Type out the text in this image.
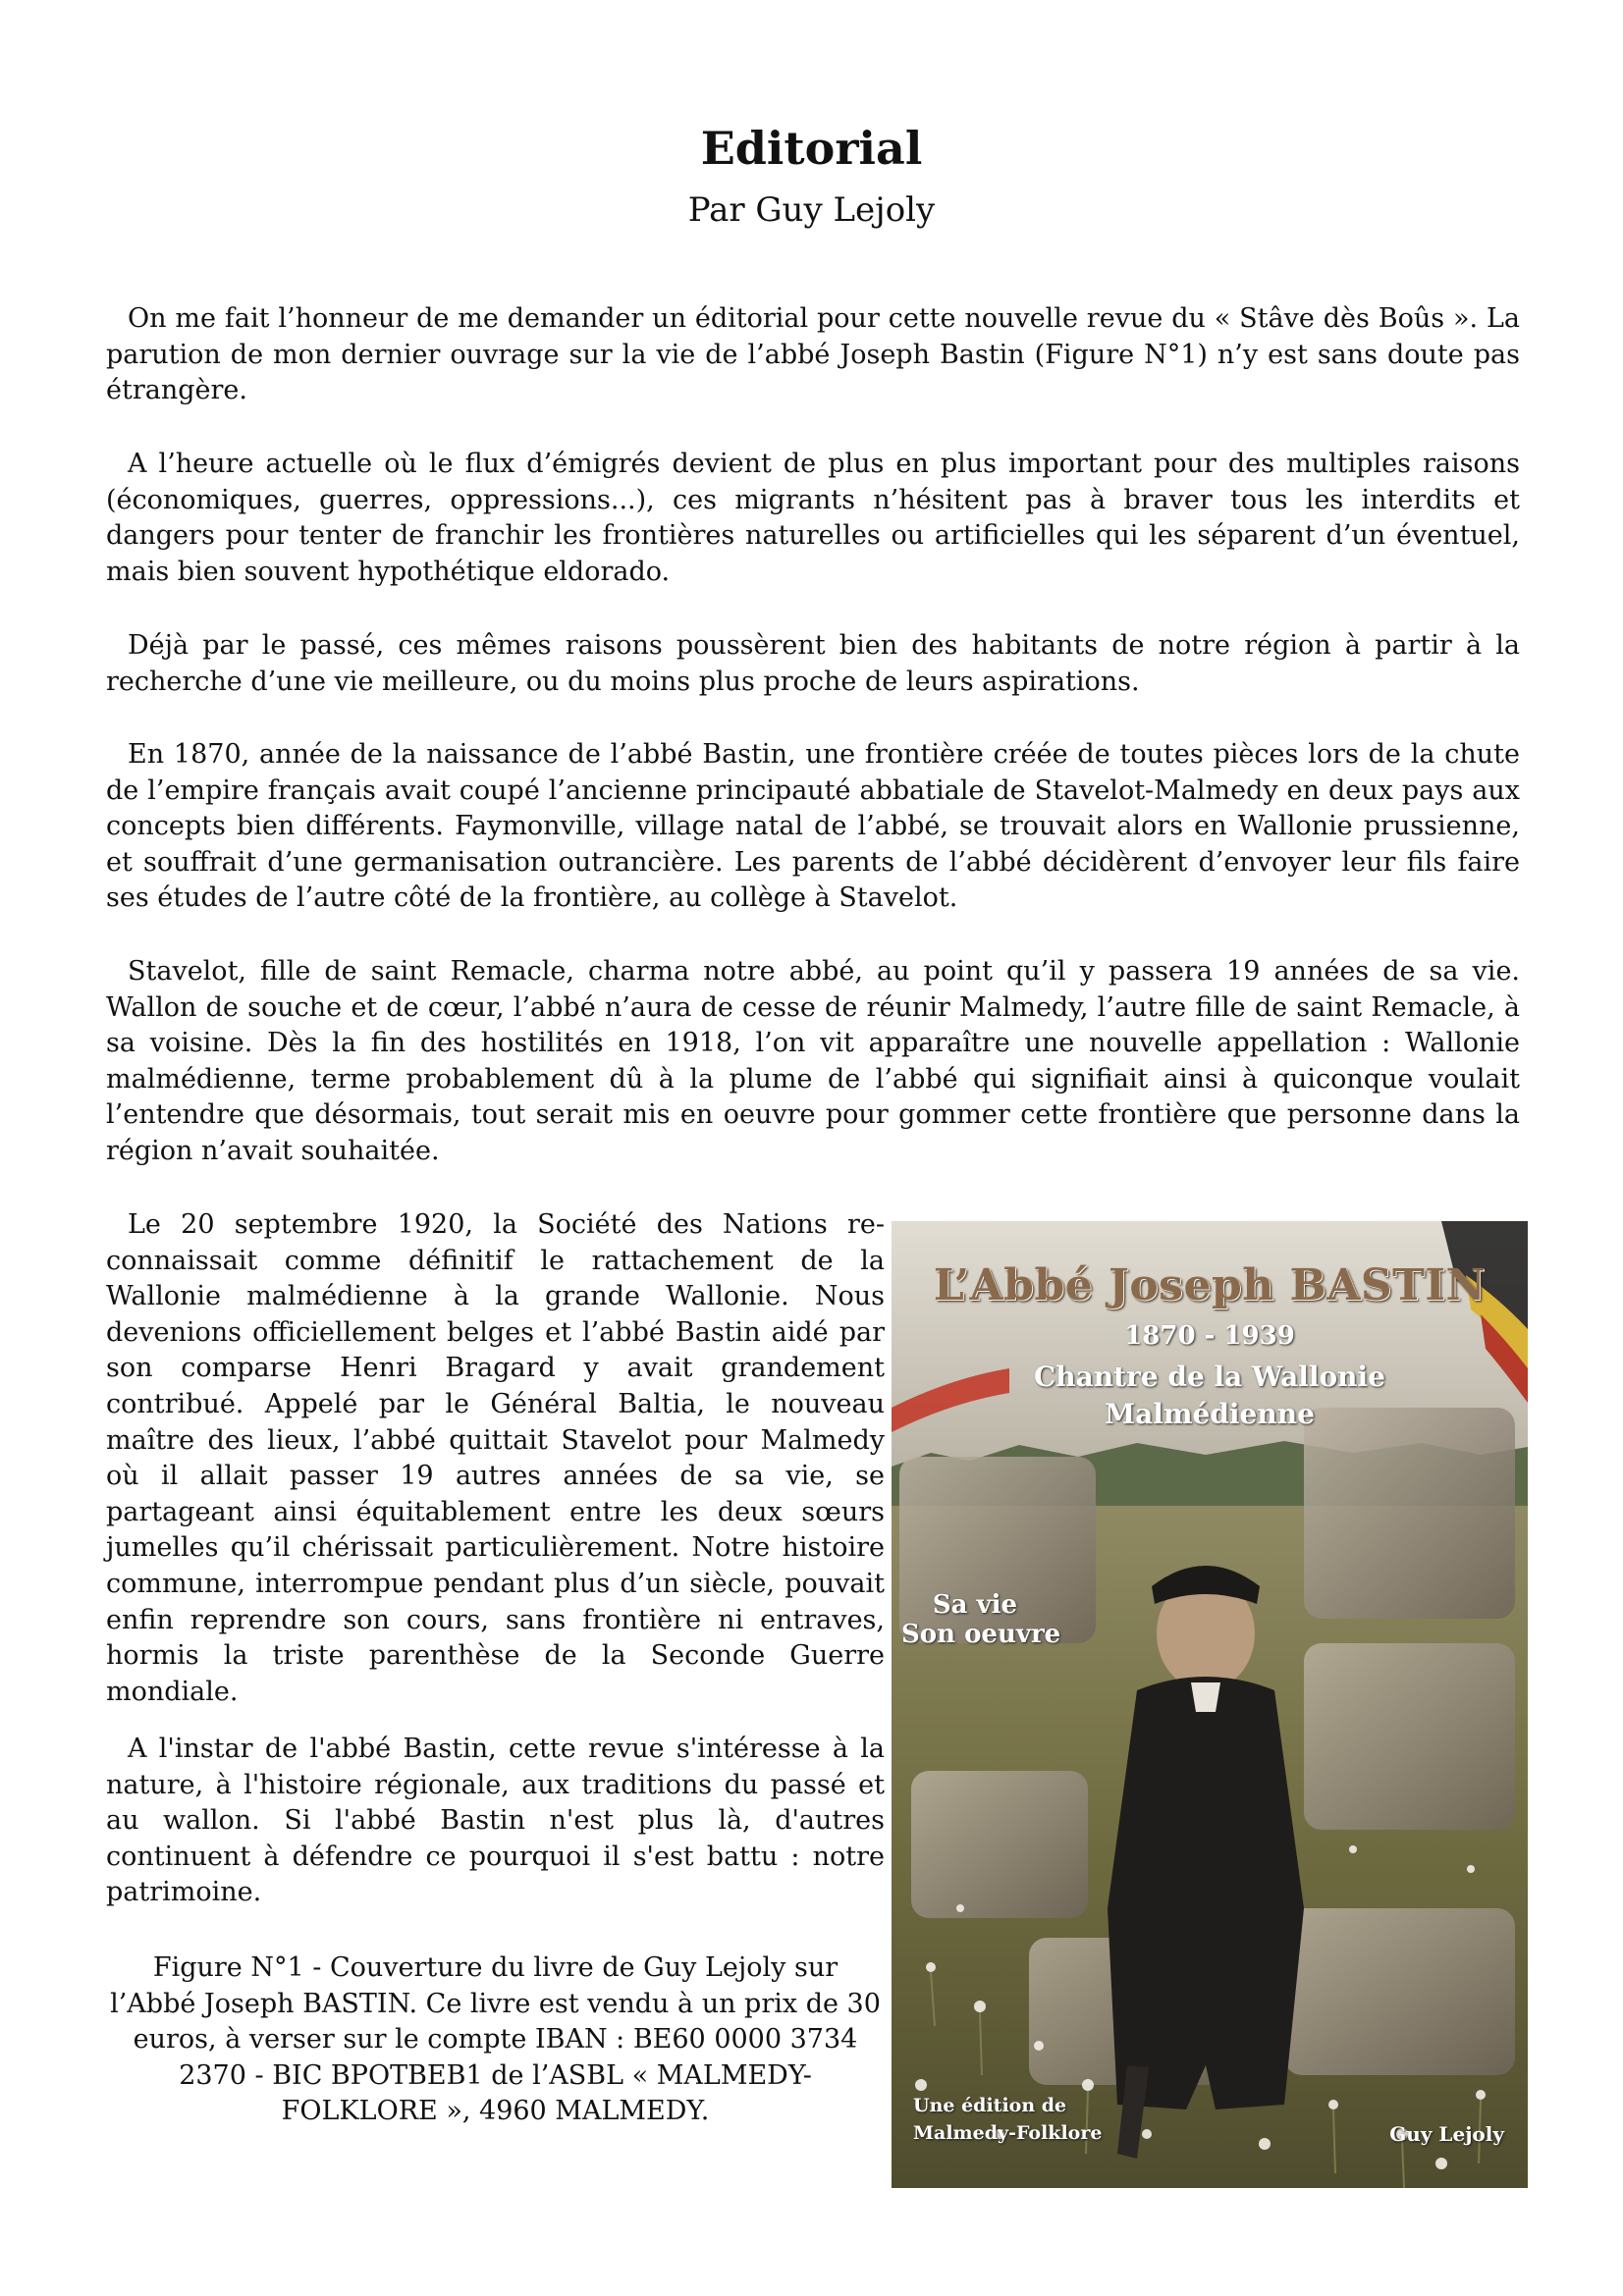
Editorial
Par Guy Lejoly

On me fait l’honneur de me demander un éditorial pour cette nouvelle revue du « Stâve dès Boûs ». La parution de mon dernier ouvrage sur la vie de l’abbé Joseph Bastin (Figure N°1) n’y est sans doute pas étrangère.

A l’heure actuelle où le flux d’émigrés devient de plus en plus important pour des multiples raisons (économiques, guerres, oppressions...), ces migrants n’hésitent pas à braver tous les interdits et dangers pour tenter de franchir les frontières naturelles ou artificielles qui les séparent d’un éventuel, mais bien souvent hypothétique eldorado.

Déjà par le passé, ces mêmes raisons poussèrent bien des habitants de notre région à partir à la recherche d’une vie meilleure, ou du moins plus proche de leurs aspirations.

En 1870, année de la naissance de l’abbé Bastin, une frontière créée de toutes pièces lors de la chute de l’empire français avait coupé l’ancienne principauté abbatiale de Stavelot-Malmedy en deux pays aux concepts bien différents. Faymonville, village natal de l’abbé, se trouvait alors en Wallonie prussienne, et souffrait d’une germanisation outrancière. Les parents de l’abbé décidèrent d’envoyer leur fils faire ses études de l’autre côté de la frontière, au collège à Stavelot.

Stavelot, fille de saint Remacle, charma notre abbé, au point qu’il y passera 19 années de sa vie. Wallon de souche et de cœur, l’abbé n’aura de cesse de réunir Malmedy, l’autre fille de saint Remacle, à sa voisine. Dès la fin des hostilités en 1918, l’on vit apparaître une nouvelle appellation : Wallonie malmédienne, terme probablement dû à la plume de l’abbé qui signifiait ainsi à quiconque voulait l’entendre que désormais, tout serait mis en oeuvre pour gommer cette frontière que personne dans la région n’avait souhaitée.

Le 20 septembre 1920, la Société des Nations reconnaissait comme définitif le rattachement de la Wallonie malmédienne à la grande Wallonie. Nous devenions officiellement belges et l’abbé Bastin aidé par son comparse Henri Bragard y avait grandement contribué. Appelé par le Général Baltia, le nouveau maître des lieux, l’abbé quittait Stavelot pour Malmedy où il allait passer 19 autres années de sa vie, se partageant ainsi équitablement entre les deux sœurs jumelles qu’il chérissait particulièrement. Notre histoire commune, interrompue pendant plus d’un siècle, pouvait enfin reprendre son cours, sans frontière ni entraves, hormis la triste parenthèse de la Seconde Guerre mondiale.

A l'instar de l'abbé Bastin, cette revue s'intéresse à la nature, à l'histoire régionale, aux traditions du passé et au wallon. Si l'abbé Bastin n'est plus là, d'autres continuent à défendre ce pourquoi il s'est battu : notre patrimoine.

Figure N°1 - Couverture du livre de Guy Lejoly sur l’Abbé Joseph BASTIN. Ce livre est vendu à un prix de 30 euros, à verser sur le compte IBAN : BE60 0000 3734 2370 - BIC BPOTBEB1 de l’ASBL « MALMEDY-FOLKLORE », 4960 MALMEDY.

L’Abbé Joseph BASTIN
1870 - 1939
Chantre de la Wallonie
Malmédienne
Sa vie
Son oeuvre
Une édition de
Malmedy-Folklore	Guy Lejoly
